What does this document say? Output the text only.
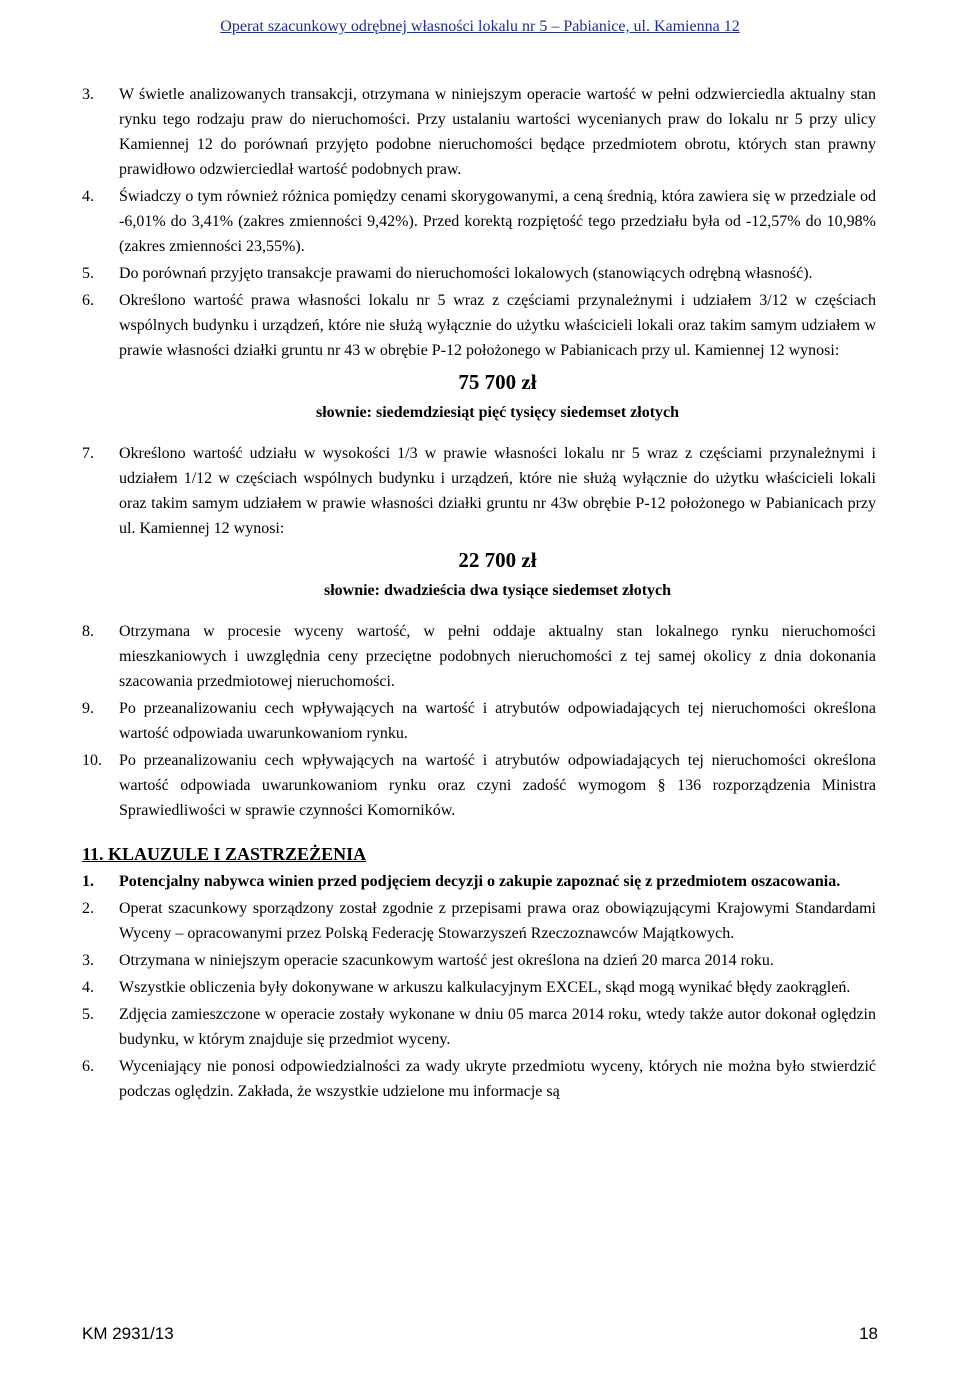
Operat szacunkowy odrębnej własności lokalu nr 5 – Pabianice, ul. Kamienna 12
3. W świetle analizowanych transakcji, otrzymana w niniejszym operacie wartość w pełni odzwierciedla aktualny stan rynku tego rodzaju praw do nieruchomości. Przy ustalaniu wartości wycenianych praw do lokalu nr 5 przy ulicy Kamiennej 12 do porównań przyjęto podobne nieruchomości będące przedmiotem obrotu, których stan prawny prawidłowo odzwierciedlał wartość podobnych praw.
4. Świadczy o tym również różnica pomiędzy cenami skorygowanymi, a ceną średnią, która zawiera się w przedziale od -6,01% do 3,41% (zakres zmienności 9,42%). Przed korektą rozpiętość tego przedziału była od -12,57% do 10,98% (zakres zmienności 23,55%).
5. Do porównań przyjęto transakcje prawami do nieruchomości lokalowych (stanowiących odrębną własność).
6. Określono wartość prawa własności lokalu nr 5 wraz z częściami przynależnymi i udziałem 3/12 w częściach wspólnych budynku i urządzeń, które nie służą wyłącznie do użytku właścicieli lokali oraz takim samym udziałem w prawie własności działki gruntu nr 43 w obrębie P-12 położonego w Pabianicach przy ul. Kamiennej 12 wynosi:
75 700 zł
słownie: siedemdziesiąt pięć tysięcy siedemset złotych
7. Określono wartość udziału w wysokości 1/3 w prawie własności lokalu nr 5 wraz z częściami przynależnymi i udziałem 1/12 w częściach wspólnych budynku i urządzeń, które nie służą wyłącznie do użytku właścicieli lokali oraz takim samym udziałem w prawie własności działki gruntu nr 43w obrębie P-12 położonego w Pabianicach przy ul. Kamiennej 12 wynosi:
22 700 zł
słownie: dwadzieścia dwa tysiące siedemset złotych
8. Otrzymana w procesie wyceny wartość, w pełni oddaje aktualny stan lokalnego rynku nieruchomości mieszkaniowych i uwzględnia ceny przeciętne podobnych nieruchomości z tej samej okolicy z dnia dokonania szacowania przedmiotowej nieruchomości.
9. Po przeanalizowaniu cech wpływających na wartość i atrybutów odpowiadających tej nieruchomości określona wartość odpowiada uwarunkowaniom rynku.
10. Po przeanalizowaniu cech wpływających na wartość i atrybutów odpowiadających tej nieruchomości określona wartość odpowiada uwarunkowaniom rynku oraz czyni zadość wymogom § 136 rozporządzenia Ministra Sprawiedliwości w sprawie czynności Komorników.
11. KLAUZULE I ZASTRZEŻENIA
1. Potencjalny nabywca winien przed podjęciem decyzji o zakupie zapoznać się z przedmiotem oszacowania.
2. Operat szacunkowy sporządzony został zgodnie z przepisami prawa oraz obowiązującymi Krajowymi Standardami Wyceny – opracowanymi przez Polską Federację Stowarzyszeń Rzeczoznawców Majątkowych.
3. Otrzymana w niniejszym operacie szacunkowym wartość jest określona na dzień 20 marca 2014 roku.
4. Wszystkie obliczenia były dokonywane w arkuszu kalkulacyjnym EXCEL, skąd mogą wynikać błędy zaokrągleń.
5. Zdjęcia zamieszczone w operacie zostały wykonane w dniu 05 marca 2014 roku, wtedy także autor dokonał oględzin budynku, w którym znajduje się przedmiot wyceny.
6. Wyceniający nie ponosi odpowiedzialności za wady ukryte przedmiotu wyceny, których nie można było stwierdzić podczas oględzin. Zakłada, że wszystkie udzielone mu informacje są
KM 2931/13	18
